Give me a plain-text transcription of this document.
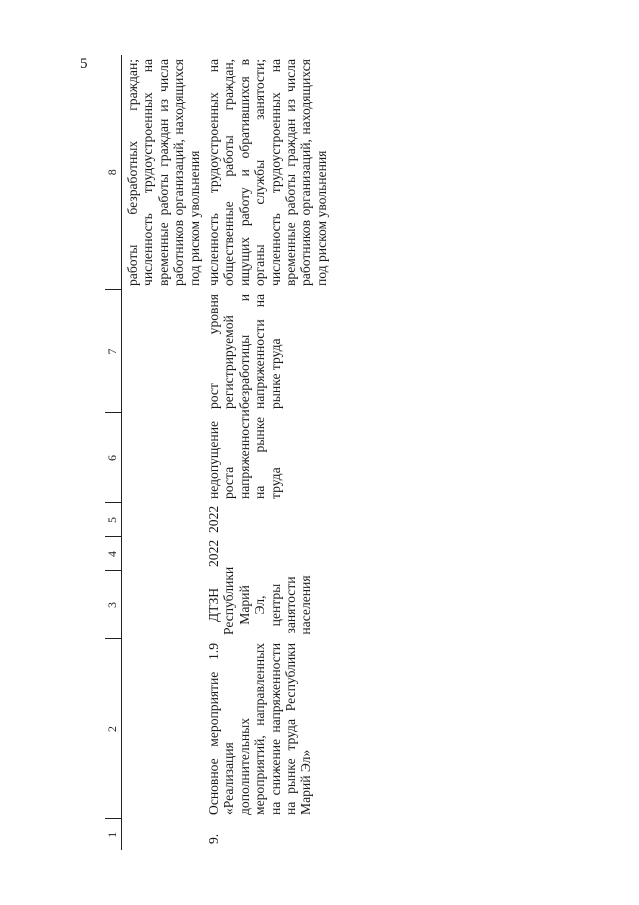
5
1	2	3	4	5	6	7	8
							работы безработных граждан; численность трудоустроенных на временные работы граждан из числа работников организаций, находящихся под риском увольнения
9.	Основное мероприятие 1.9 «Реализация дополнительных мероприятий, направленных на снижение напряженности на рынке труда Республики Марий Эл»	ДТЗН Республики Марий Эл, центры занятости населения	2022	2022	недопущение роста напряженности на рынке труда	рост уровня регистрируемой безработицы и напряженности на рынке труда	численность трудоустроенных на общественные работы граждан, ищущих работу и обратившихся в органы службы занятости; численность трудоустроенных на временные работы граждан из числа работников организаций, находящихся под риском увольнения
